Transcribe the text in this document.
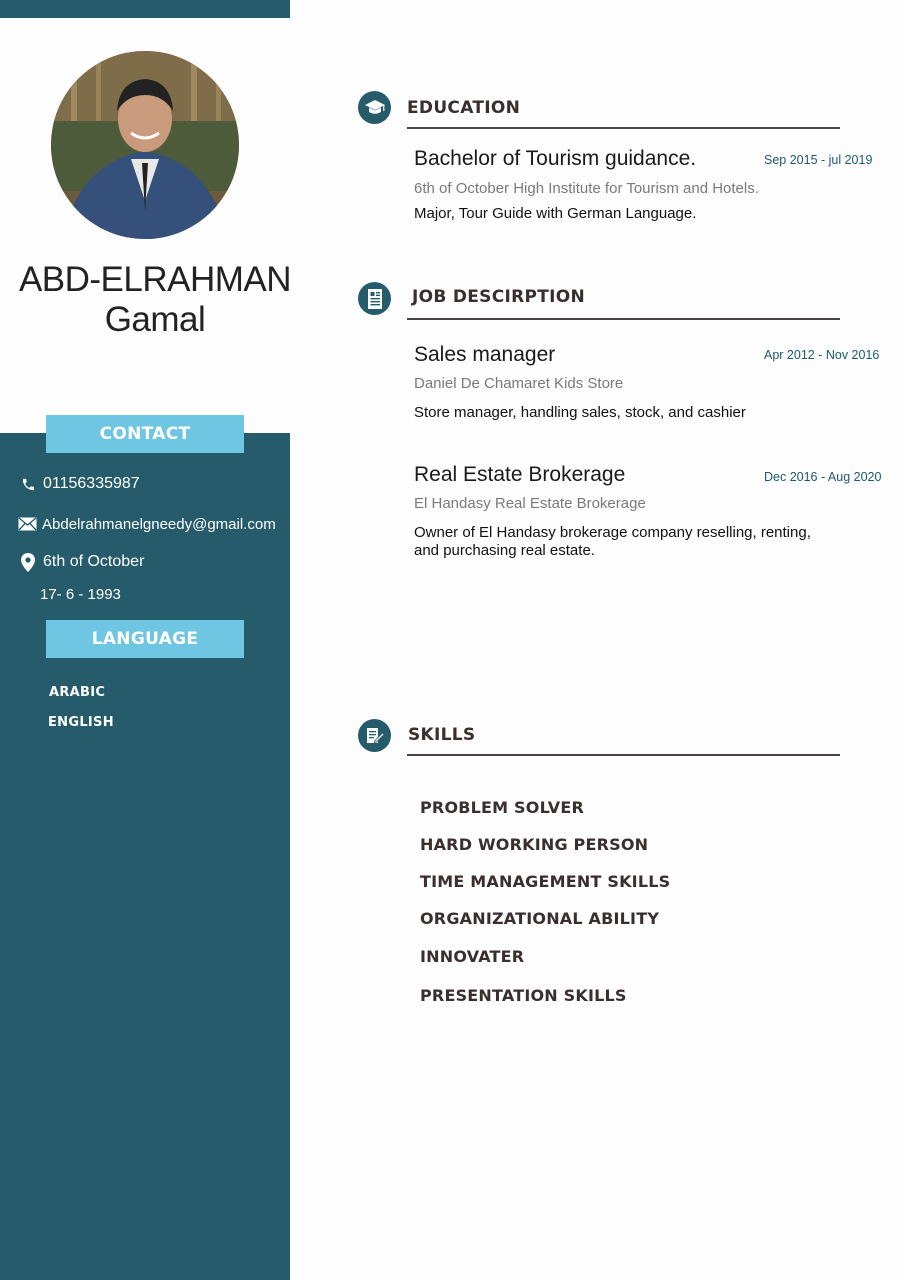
ABD-ELRAHMAN
Gamal
CONTACT
01156335987
Abdelrahmanelgneedy@gmail.com
6th of October
17- 6 - 1993
LANGUAGE
ARABIC
ENGLISH
EDUCATION
Bachelor of Tourism guidance.	Sep 2015 - jul 2019
6th of October High Institute for Tourism and Hotels.
Major, Tour Guide with German Language.
JOB DESCIRPTION
Sales manager	Apr 2012 - Nov 2016
Daniel De Chamaret Kids Store
Store manager, handling sales, stock, and cashier
Real Estate Brokerage	Dec 2016 - Aug 2020
El Handasy Real Estate Brokerage
Owner of El Handasy brokerage company reselling, renting,
and purchasing real estate.
SKILLS
PROBLEM SOLVER
HARD WORKING PERSON
TIME MANAGEMENT SKILLS
ORGANIZATIONAL ABILITY
INNOVATER
PRESENTATION SKILLS
